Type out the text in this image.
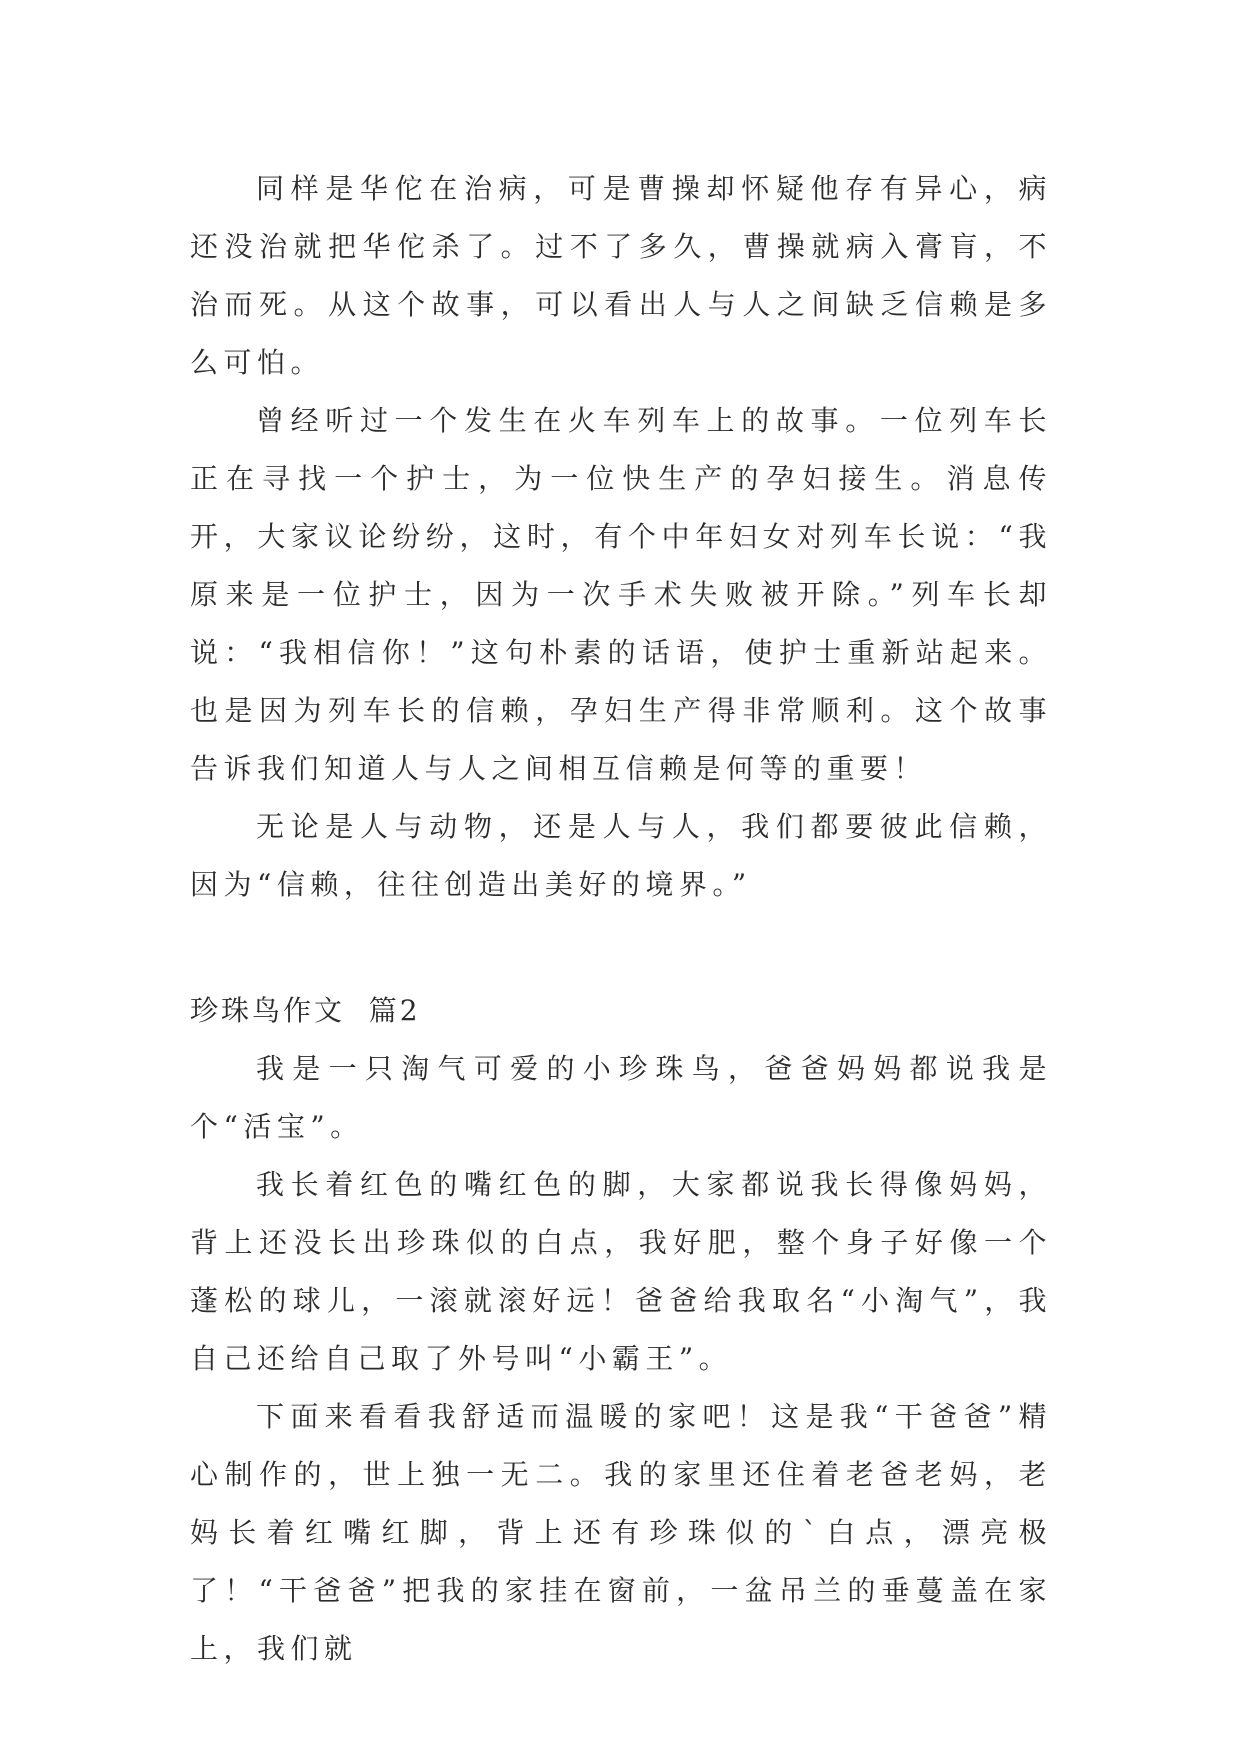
同样是华佗在治病，可是曹操却怀疑他存有异心，病还没治就把华佗杀了。过不了多久，曹操就病入膏肓，不治而死。从这个故事，可以看出人与人之间缺乏信赖是多么可怕。

曾经听过一个发生在火车列车上的故事。一位列车长正在寻找一个护士，为一位快生产的孕妇接生。消息传开，大家议论纷纷，这时，有个中年妇女对列车长说：“我原来是一位护士，因为一次手术失败被开除。”列车长却说：“我相信你！”这句朴素的话语，使护士重新站起来。也是因为列车长的信赖，孕妇生产得非常顺利。这个故事告诉我们知道人与人之间相互信赖是何等的重要！

无论是人与动物，还是人与人，我们都要彼此信赖，因为“信赖，往往创造出美好的境界。”

珍珠鸟作文  篇2

我是一只淘气可爱的小珍珠鸟，爸爸妈妈都说我是个“活宝”。

我长着红色的嘴红色的脚，大家都说我长得像妈妈，背上还没长出珍珠似的白点，我好肥，整个身子好像一个蓬松的球儿，一滚就滚好远！爸爸给我取名“小淘气”，我自己还给自己取了外号叫“小霸王”。

下面来看看我舒适而温暖的家吧！这是我“干爸爸”精心制作的，世上独一无二。我的家里还住着老爸老妈，老妈长着红嘴红脚，背上还有珍珠似的`白点，漂亮极了！“干爸爸”把我的家挂在窗前，一盆吊兰的垂蔓盖在家上，我们就
